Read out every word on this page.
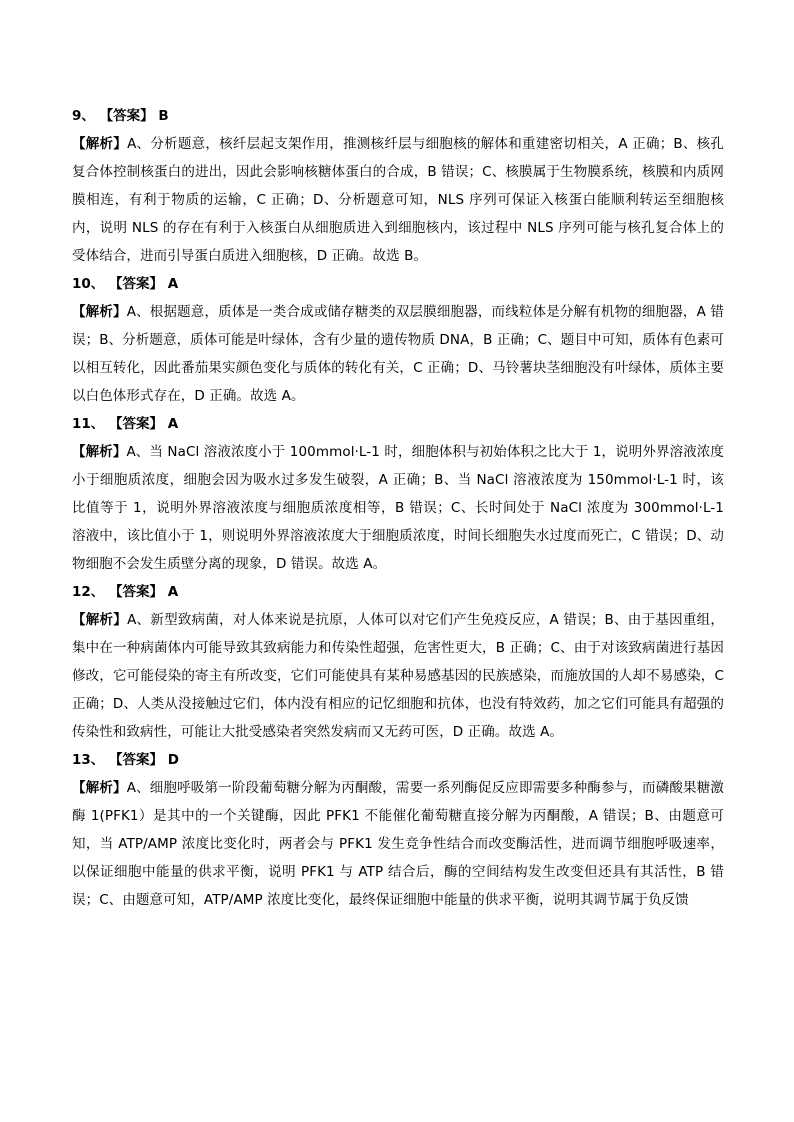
9、 【答案】 B

【解析】A、分析题意，核纤层起支架作用，推测核纤层与细胞核的解体和重建密切相关，A 正确；B、核孔复合体控制核蛋白的进出，因此会影响核糖体蛋白的合成，B 错误；C、核膜属于生物膜系统，核膜和内质网膜相连，有利于物质的运输，C 正确；D、分析题意可知，NLS 序列可保证入核蛋白能顺利转运至细胞核内，说明 NLS 的存在有利于入核蛋白从细胞质进入到细胞核内，该过程中 NLS 序列可能与核孔复合体上的受体结合，进而引导蛋白质进入细胞核，D 正确。故选 B。

10、 【答案】 A

【解析】A、根据题意，质体是一类合成或储存糖类的双层膜细胞器，而线粒体是分解有机物的细胞器，A 错误；B、分析题意，质体可能是叶绿体，含有少量的遗传物质 DNA，B 正确；C、题目中可知，质体有色素可以相互转化，因此番茄果实颜色变化与质体的转化有关，C 正确；D、马铃薯块茎细胞没有叶绿体，质体主要以白色体形式存在，D 正确。故选 A。

11、 【答案】 A

【解析】A、当 NaCl 溶液浓度小于 100mmol·L-1 时，细胞体积与初始体积之比大于 1，说明外界溶液浓度小于细胞质浓度，细胞会因为吸水过多发生破裂，A 正确；B、当 NaCl 溶液浓度为 150mmol·L-1 时，该比值等于 1，说明外界溶液浓度与细胞质浓度相等，B 错误；C、长时间处于 NaCl 浓度为 300mmol·L-1 溶液中，该比值小于 1，则说明外界溶液浓度大于细胞质浓度，时间长细胞失水过度而死亡，C 错误；D、动物细胞不会发生质壁分离的现象，D 错误。故选 A。

12、 【答案】 A

【解析】A、新型致病菌，对人体来说是抗原，人体可以对它们产生免疫反应，A 错误；B、由于基因重组，集中在一种病菌体内可能导致其致病能力和传染性超强，危害性更大，B 正确；C、由于对该致病菌进行基因修改，它可能侵染的寄主有所改变，它们可能使具有某种易感基因的民族感染，而施放国的人却不易感染，C 正确；D、人类从没接触过它们，体内没有相应的记忆细胞和抗体，也没有特效药，加之它们可能具有超强的传染性和致病性，可能让大批受感染者突然发病而又无药可医，D 正确。故选 A。

13、 【答案】 D

【解析】A、细胞呼吸第一阶段葡萄糖分解为丙酮酸，需要一系列酶促反应即需要多种酶参与，而磷酸果糖激酶 1(PFK1）是其中的一个关键酶，因此 PFK1 不能催化葡萄糖直接分解为丙酮酸，A 错误；B、由题意可知，当 ATP/AMP 浓度比变化时，两者会与 PFK1 发生竞争性结合而改变酶活性，进而调节细胞呼吸速率，以保证细胞中能量的供求平衡，说明 PFK1 与 ATP 结合后，酶的空间结构发生改变但还具有其活性，B 错误；C、由题意可知，ATP/AMP 浓度比变化，最终保证细胞中能量的供求平衡，说明其调节属于负反馈
